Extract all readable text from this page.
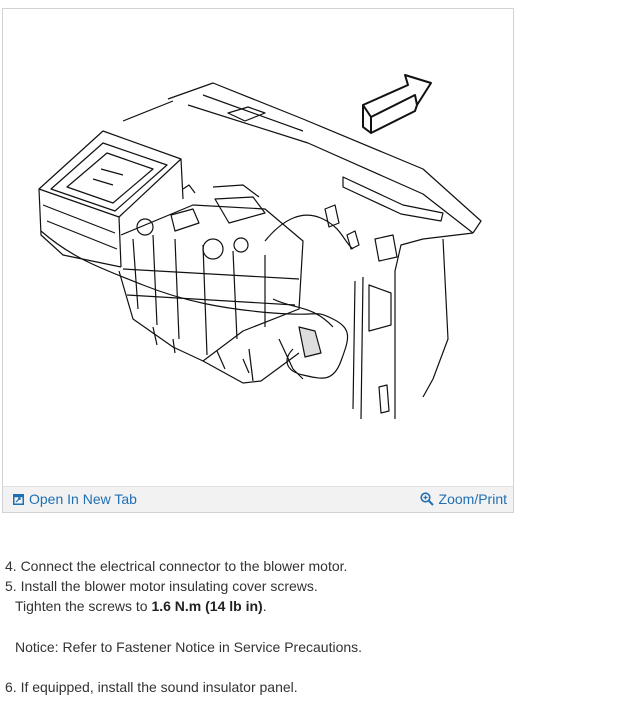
Open In New Tab	Zoom/Print

4. Connect the electrical connector to the blower motor.

5. Install the blower motor insulating cover screws.

Tighten the screws to 1.6 N.m (14 lb in).

Notice: Refer to Fastener Notice in Service Precautions.

6. If equipped, install the sound insulator panel.
